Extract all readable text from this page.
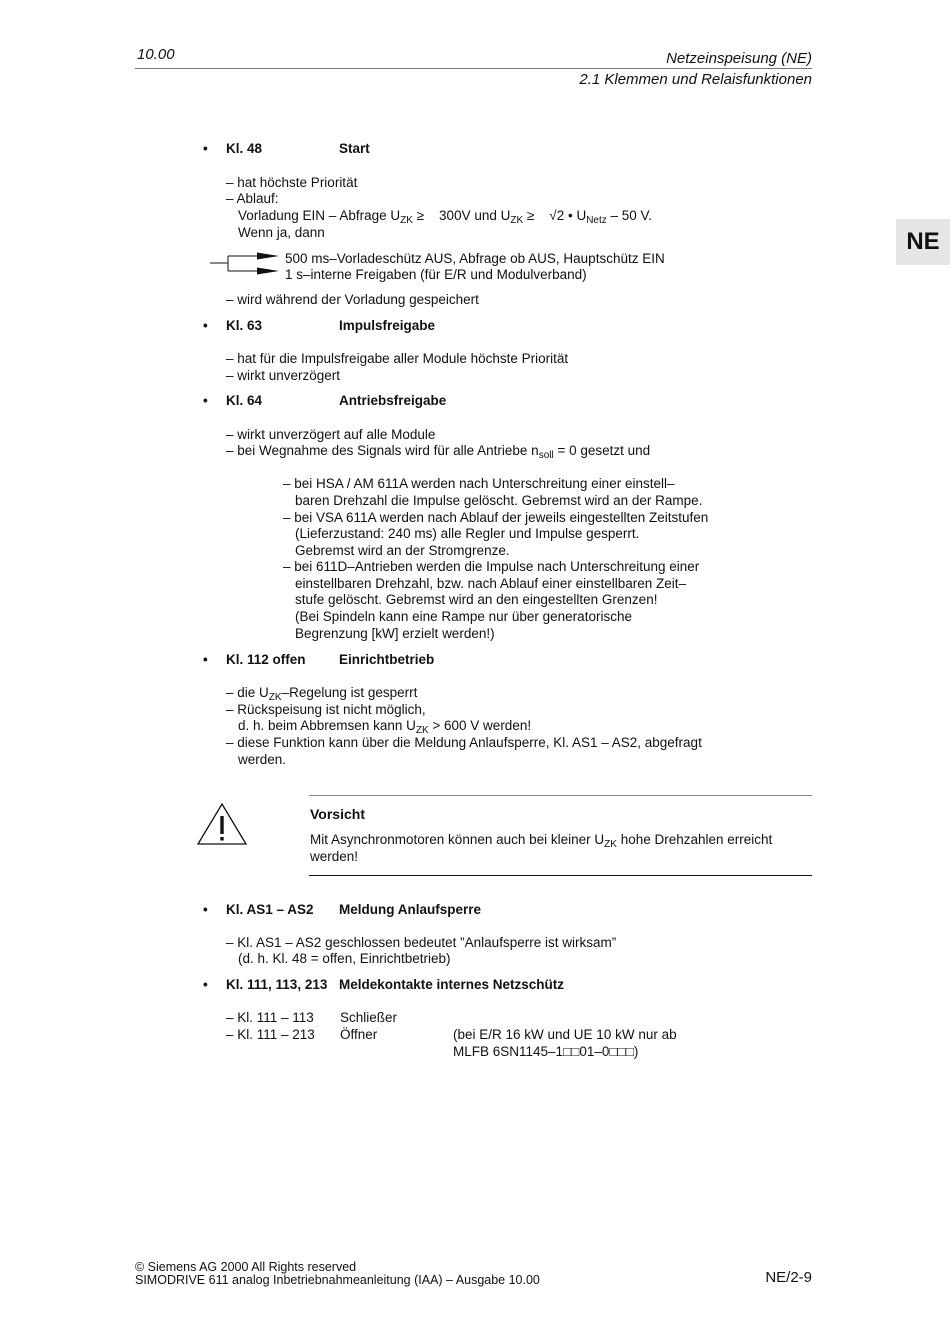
10.00	Netzeinspeisung (NE)
2.1 Klemmen und Relaisfunktionen
NE
• Kl. 48	Start
– hat höchste Priorität
– Ablauf:
Vorladung EIN – Abfrage $U_{ZK}$ ≥    300V und $U_{ZK}$ ≥    √2 • $U_{Netz} - 50$ V.
Wenn ja, dann
500 ms–Vorladeschütz AUS, Abfrage ob AUS, Hauptschütz EIN
1 s–interne Freigaben (für E/R und Modulverband)
– wird während der Vorladung gespeichert
• Kl. 63	Impulsfreigabe
– hat für die Impulsfreigabe aller Module höchste Priorität
– wirkt unverzögert
• Kl. 64	Antriebsfreigabe
– wirkt unverzögert auf alle Module
– bei Wegnahme des Signals wird für alle Antriebe $n_{soll} = 0$ gesetzt und
– bei HSA / AM 611A werden nach Unterschreitung einer einstell–
baren Drehzahl die Impulse gelöscht. Gebremst wird an der Rampe.
– bei VSA 611A werden nach Ablauf der jeweils eingestellten Zeitstufen
(Lieferzustand: 240 ms) alle Regler und Impulse gesperrt.
Gebremst wird an der Stromgrenze.
– bei 611D–Antrieben werden die Impulse nach Unterschreitung einer
einstellbaren Drehzahl, bzw. nach Ablauf einer einstellbaren Zeit–
stufe gelöscht. Gebremst wird an den eingestellten Grenzen!
(Bei Spindeln kann eine Rampe nur über generatorische
Begrenzung [kW] erzielt werden!)
• Kl. 112 offen Einrichtbetrieb
– die $U_{ZK}$–Regelung ist gesperrt
– Rückspeisung ist nicht möglich,
d. h. beim Abbremsen kann $U_{ZK} > 600$ V werden!
– diese Funktion kann über die Meldung Anlaufsperre, Kl. AS1 – AS2, abgefragt
werden.
Vorsicht
Mit Asynchronmotoren können auch bei kleiner $U_{ZK}$ hohe Drehzahlen erreicht
werden!
• Kl. AS1 – AS2 Meldung Anlaufsperre
– Kl. AS1 – AS2 geschlossen bedeutet ”Anlaufsperre ist wirksam”
(d. h. Kl. 48 = offen, Einrichtbetrieb)
• Kl. 111, 113, 213 Meldekontakte internes Netzschütz
– Kl. 111 – 113 Schließer
– Kl. 111 – 213 Öffner	(bei E/R 16 kW und UE 10 kW nur ab
MLFB 6SN1145–1□□01–0□□□)
© Siemens AG 2000 All Rights reserved
SIMODRIVE 611 analog Inbetriebnahmeanleitung (IAA) – Ausgabe 10.00	NE/2-9
